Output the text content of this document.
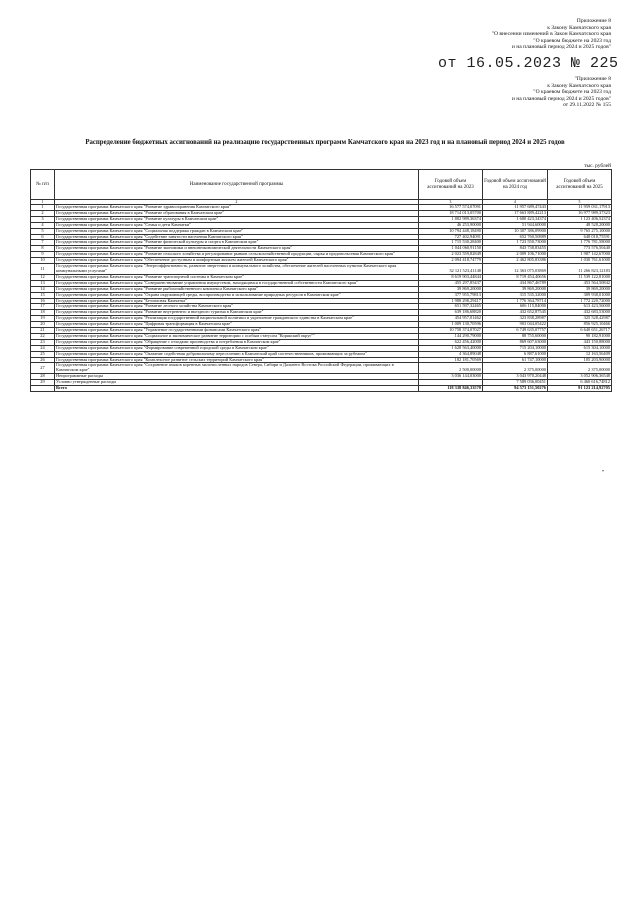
Приложение 8
к Закону Камчатского края
"О внесении изменений в Закон Камчатского края
"О краевом бюджете на 2023 год
и на плановый период 2024 и 2025 годов"
от 16.05.2023 № 225
"Приложение 8
к Закону Камчатского края
"О краевом бюджете на 2023 год
и на плановый период 2024 и 2025 годов"
от 29.11.2022 № 155
Распределение бюджетных ассигнований на реализацию государственных программ Камчатского края на 2023 год и на плановый период 2024 и 2025 годов
тыс. рублей
№ п/п	Наименование государственной программы	Годовой объем ассигнований на 2023	Годовой объем ассигнований на 2024 год	Годовой объем ассигнований на 2025
1	2	3	4	5
1	Государственная программа Камчатского края "Развитие здравоохранения Камчатского края"	16 577 574,07091	11 957 689,47443	11 959 031,17913
2	Государственная программа Камчатского края "Развитие образования в Камчатском крае"	18 714 013,05700	17 663 889,42213	16 977 989,37323
3	Государственная программа Камчатского края "Развитие культуры в Камчатском крае"	1 882 989,36374	1 680 423,34374	1 123 406,52374
4	Государственная программа Камчатского края "Семья и дети Камчатки"	46 253,90000	51 944,60000	48 528,20000
5	Государственная программа Камчатского края "Социальная поддержка граждан в Камчатском крае"	10 794 448,18490	10 307 386,09900	9 765 275,10000
6	Государственная программа Камчатского края "Содействие занятости населения Камчатского края"	727 402,94091	652 760,50889	648 018,75591
7	Государственная программа Камчатского края "Развитие физической культуры и спорта в Камчатском крае"	1 715 530,28400	1 723 550,73000	1 776 781,58000
8	Государственная программа Камчатского края "Развитие экономики и внешнеэкономической деятельности Камчатского края"	1 044 060,91150	843 738,83455	773 576,50440
9	Государственная программа Камчатского края "Развитие сельского хозяйства и регулирование рынков сельскохозяйственной продукции, сырья и продовольствия Камчатского края"	2 023 559,82849	2 009 106,71000	1 987 142,67000
10	Государственная программа Камчатского края "Обеспечение доступным и комфортным жильем жителей Камчатского края"	2 094 418,74779	2 462 805,83386	1 030 761,61000
11	Государственная программа Камчатского края "Энергоэффективность, развитие энергетики и коммунального хозяйства, обеспечение жителей населенных пунктов Камчатского края коммунальными услугами"	32 121 523,41148	12 363 075,03869	11 266 823,12183
12	Государственная программа Камчатского края "Развитие транспортной системы в Камчатском крае"	8 619 903,44844	8 719 454,40656	11 539 122,81000
13	Государственная программа Камчатского края "Совершенствование управления имуществом, находящимся в государственной собственности Камчатского края"	455 297,85437	434 867,46789	453 564,50842
14	Государственная программа Камчатского края "Развитие рыбохозяйственного комплекса Камчатского края"	39 869,20000	39 869,20000	39 869,20000
15	Государственная программа Камчатского края "Охрана окружающей среды, воспроизводство и использование природных ресурсов в Камчатском крае"	377 955,79813	315 535,32000	309 938,01000
16	Государственная программа Камчатского края "Безопасная Камчатка"	1 988 298,29417	1 776 364,78714	1 772 220,72000
17	Государственная программа Камчатского края "Развитие лесного хозяйства Камчатского края"	651 597,32465	606 115,84000	613 423,56000
18	Государственная программа Камчатского края "Развитие внутреннего и въездного туризма в Камчатском крае"	639 186,68820	432 652,87545	432 683,53000
19	Государственная программа Камчатского края "Реализация государственной национальной политики и укрепление гражданского единства в Камчатском крае"	454 957,01462	323 838,28987	325 528,42987
20	Государственная программа Камчатского края "Цифровая трансформация в Камчатском крае"	1 009 130,70596	903 044,05422	856 925,10466
21	Государственная программа Камчатского края "Управление государственными финансами Камчатского края"	10 758 374,07027	6 749 635,07757	6 640 651,26717
22	Государственная программа Камчатского края "Социальное и экономическое развитие территории с особым статусом "Корякский округ""	144 290,79000	88 755,60000	90 182,91000
23	Государственная программа Камчатского края "Обращение с отходами производства и потребления в Камчатском крае"	622 456,42000	869 607,63000	443 150,88000
24	Государственная программа Камчатского края "Формирование современной городской среды в Камчатском крае"	1 628 563,40000	715 204,10000	615 304,10000
25	Государственная программа Камчатского края "Оказание содействия добровольному переселению в Камчатский край соотечественников, проживающих за рубежом"	4 364,89048	6 887,61000	12 163,56409
26	Государственная программа Камчатского края "Комплексное развитие сельских территорий Камчатского края"	182 181,70569	61 747,10000	105 203,90000
27	Государственная программа Камчатского края "Сохранение языков коренных малочисленных народов Севера, Сибири и Дальнего Востока Российской Федерации, проживающих в Камчатском крае"	2 500,00000	2 375,00000	2 375,00000
28	Непрограммные расходы	3 036 144,03000	3 043 970,20448	3 052 906,36548
29	Условно утвержденные расходы		7 589 036,00451	6 460 616,74812
	Всего	118 338 846,33570	94 573 151,50276	91 123 214,92705
"
